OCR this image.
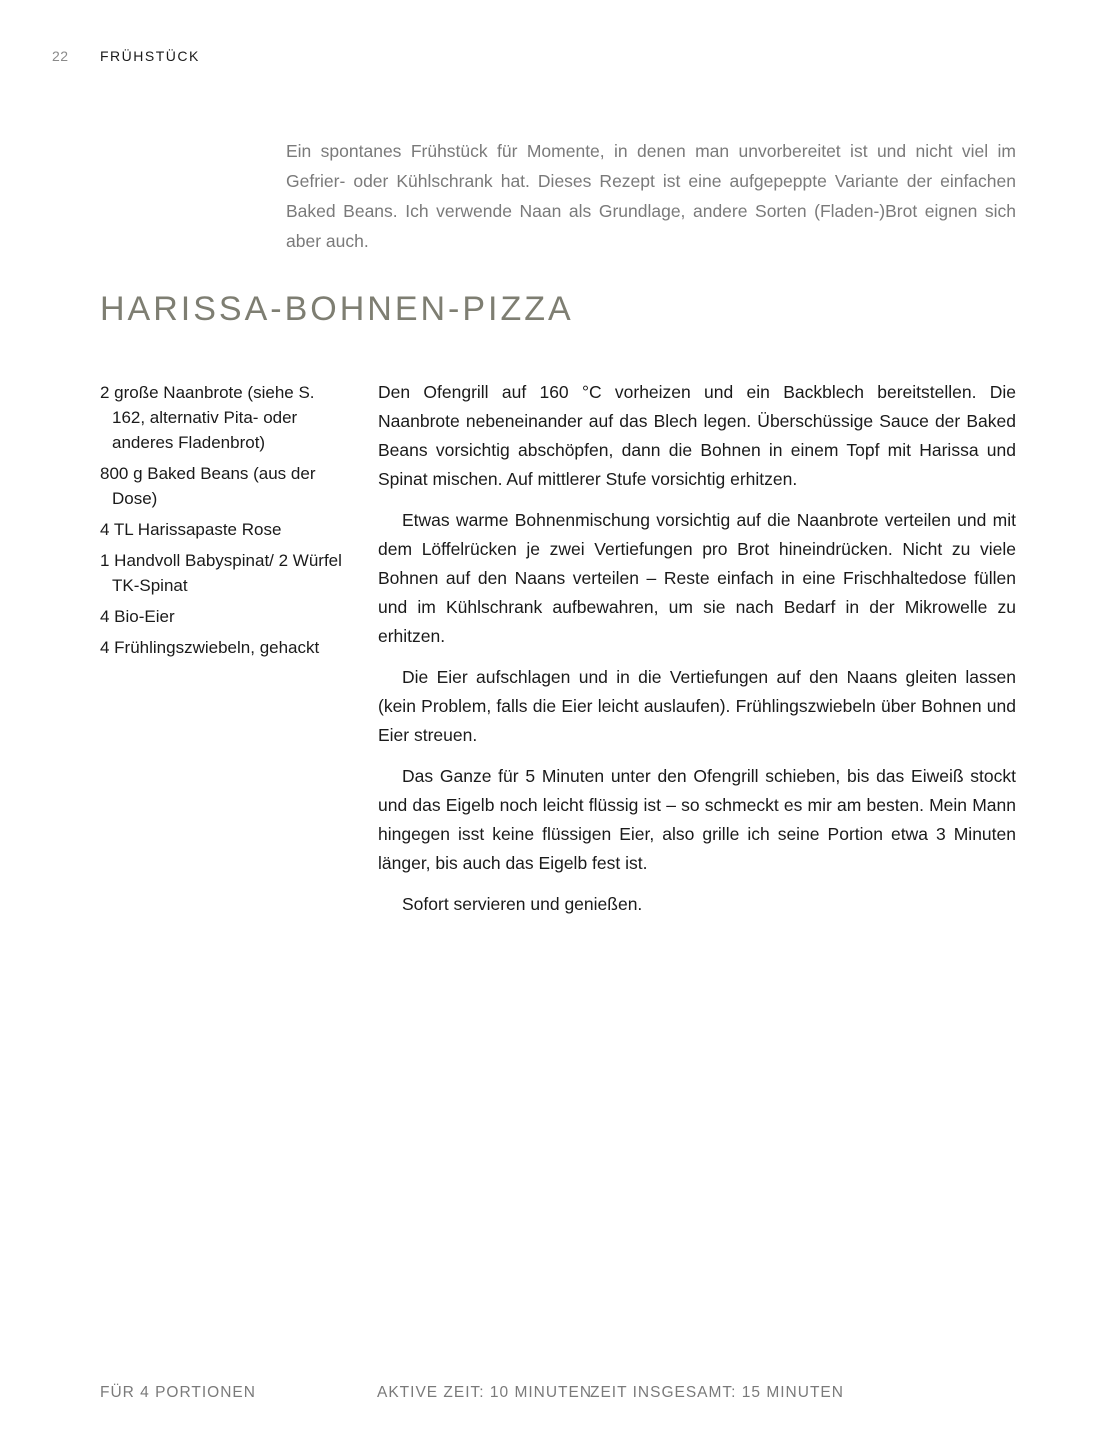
22 FRÜHSTÜCK

Ein spontanes Frühstück für Momente, in denen man unvorbereitet ist und nicht viel im Gefrier- oder Kühlschrank hat. Dieses Rezept ist eine aufgepeppte Variante der einfachen Baked Beans. Ich verwende Naan als Grundlage, andere Sorten (Fladen-)Brot eignen sich aber auch.

HARISSA-BOHNEN-PIZZA
2 große Naanbrote (siehe S. 162, alternativ Pita- oder anderes Fladenbrot)
800 g Baked Beans (aus der Dose)
4 TL Harissapaste Rose
1 Handvoll Babyspinat/ 2 Würfel TK-Spinat
4 Bio-Eier
4 Frühlingszwiebeln, gehackt

Den Ofengrill auf 160 °C vorheizen und ein Backblech bereitstellen. Die Naanbrote nebeneinander auf das Blech legen. Überschüssige Sauce der Baked Beans vorsichtig abschöpfen, dann die Bohnen in einem Topf mit Harissa und Spinat mischen. Auf mittlerer Stufe vorsichtig erhitzen.

Etwas warme Bohnenmischung vorsichtig auf die Naanbrote verteilen und mit dem Löffelrücken je zwei Vertiefungen pro Brot hineindrücken. Nicht zu viele Bohnen auf den Naans verteilen – Reste einfach in eine Frischhaltedose füllen und im Kühlschrank aufbewahren, um sie nach Bedarf in der Mikrowelle zu erhitzen.

Die Eier aufschlagen und in die Vertiefungen auf den Naans gleiten lassen (kein Problem, falls die Eier leicht auslaufen). Frühlingszwiebeln über Bohnen und Eier streuen.

Das Ganze für 5 Minuten unter den Ofengrill schieben, bis das Eiweiß stockt und das Eigelb noch leicht flüssig ist – so schmeckt es mir am besten. Mein Mann hingegen isst keine flüssigen Eier, also grille ich seine Portion etwa 3 Minuten länger, bis auch das Eigelb fest ist.

Sofort servieren und genießen.

FÜR 4 PORTIONEN	AKTIVE ZEIT: 10 MINUTEN
ZEIT INSGESAMT: 15 MINUTEN
